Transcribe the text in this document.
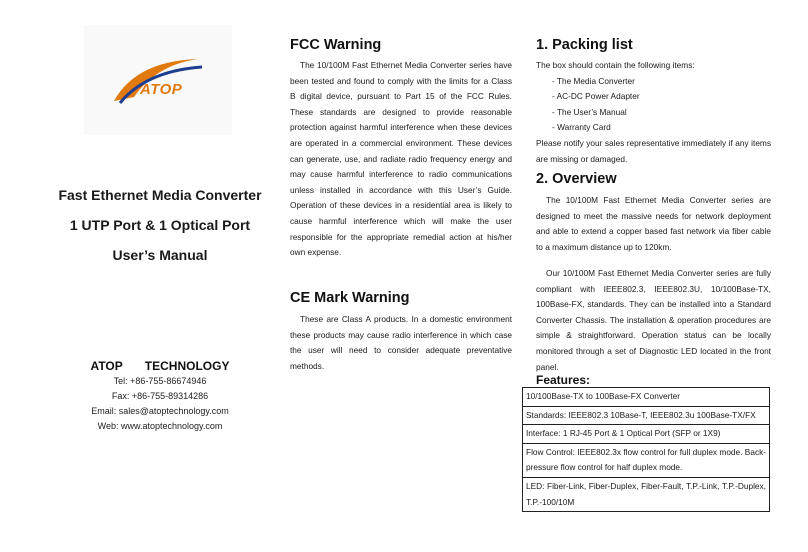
ATOP
Fast Ethernet Media Converter
1 UTP Port & 1 Optical Port
User’s Manual
ATOP TECHNOLOGY
Tel: +86-755-86674946
Fax: +86-755-89314286
Email: sales@atoptechnology.com
Web: www.atoptechnology.com
FCC Warning
The 10/100M Fast Ethernet Media Converter series have been tested and found to comply with the limits for a Class B digital device, pursuant to Part 15 of the FCC Rules. These standards are designed to provide reasonable protection against harmful interference when these devices are operated in a commercial environment. These devices can generate, use, and radiate radio frequency energy and may cause harmful interference to radio communications unless installed in accordance with this User’s Guide. Operation of these devices in a residential area is likely to cause harmful interference which will make the user responsible for the appropriate remedial action at his/her own expense.
CE Mark Warning
These are Class A products. In a domestic environment these products may cause radio interference in which case the user will need to consider adequate preventative methods.
1. Packing list
The box should contain the following items:
- The Media Converter
- AC-DC Power Adapter
- The User’s Manual
- Warranty Card
Please notify your sales representative immediately if any items are missing or damaged.
2. Overview
The 10/100M Fast Ethernet Media Converter series are designed to meet the massive needs for network deployment and able to extend a copper based fast network via fiber cable to a maximum distance up to 120km.
Our 10/100M Fast Ethernet Media Converter series are fully compliant with IEEE802.3, IEEE802.3U, 10/100Base-TX, 100Base-FX, standards. They can be installed into a Standard Converter Chassis. The installation & operation procedures are simple & straightforward. Operation status can be locally monitored through a set of Diagnostic LED located in the front panel.
Features:
10/100Base-TX to 100Base-FX Converter
Standards: IEEE802.3 10Base-T, IEEE802.3u 100Base-TX/FX
Interface: 1 RJ-45 Port & 1 Optical Port (SFP or 1X9)
Flow Control: IEEE802.3x flow control for full duplex mode. Back-pressure flow control for half duplex mode.
LED: Fiber-Link, Fiber-Duplex, Fiber-Fault, T.P.-Link, T.P.-Duplex, T.P.-100/10M
